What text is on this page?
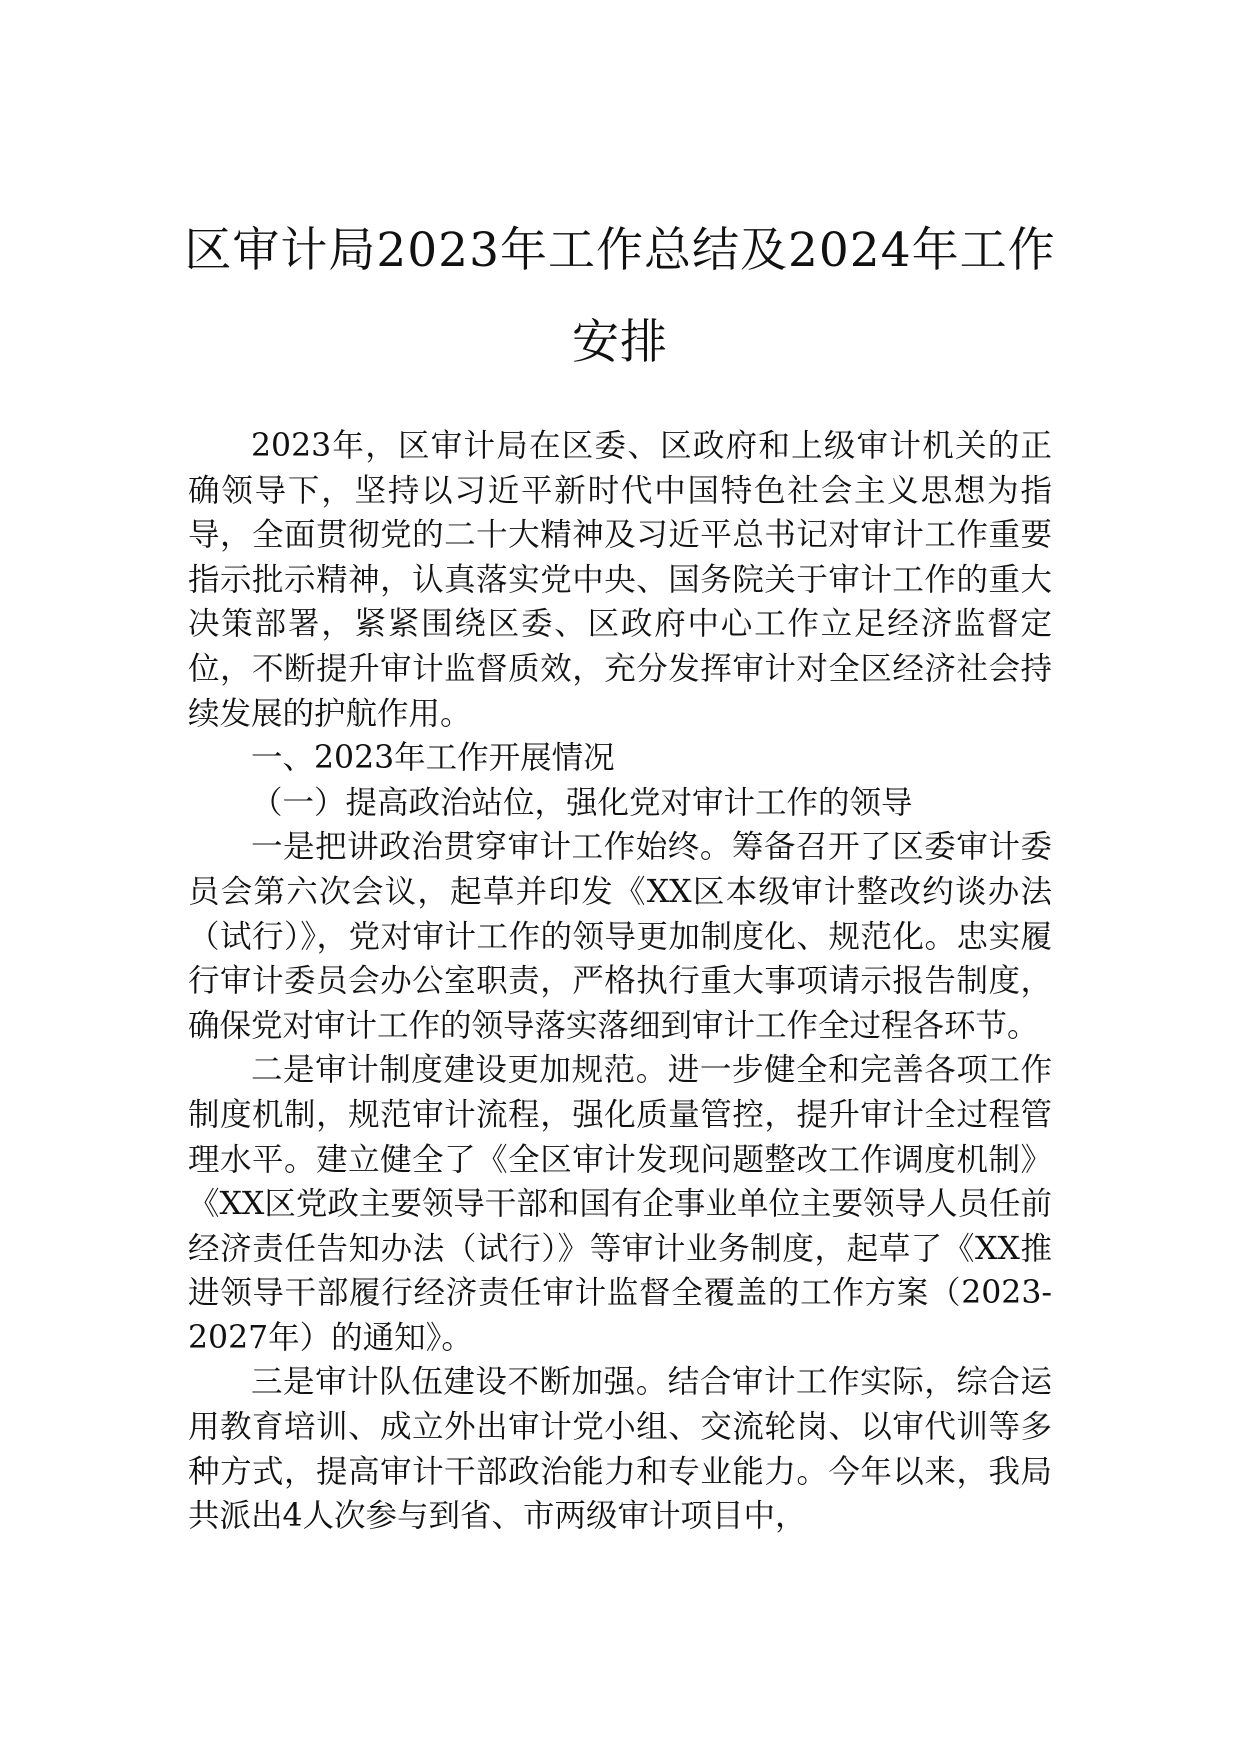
区审计局2023年工作总结及2024年工作安排

2023年，区审计局在区委、区政府和上级审计机关的正确领导下，坚持以习近平新时代中国特色社会主义思想为指导，全面贯彻党的二十大精神及习近平总书记对审计工作重要指示批示精神，认真落实党中央、国务院关于审计工作的重大决策部署，紧紧围绕区委、区政府中心工作立足经济监督定位，不断提升审计监督质效，充分发挥审计对全区经济社会持续发展的护航作用。

一、2023年工作开展情况

（一）提高政治站位，强化党对审计工作的领导

一是把讲政治贯穿审计工作始终。筹备召开了区委审计委员会第六次会议，起草并印发《XX区本级审计整改约谈办法（试行）》，党对审计工作的领导更加制度化、规范化。忠实履行审计委员会办公室职责，严格执行重大事项请示报告制度，确保党对审计工作的领导落实落细到审计工作全过程各环节。

二是审计制度建设更加规范。进一步健全和完善各项工作制度机制，规范审计流程，强化质量管控，提升审计全过程管理水平。建立健全了《全区审计发现问题整改工作调度机制》《XX区党政主要领导干部和国有企事业单位主要领导人员任前经济责任告知办法（试行）》等审计业务制度，起草了《XX推进领导干部履行经济责任审计监督全覆盖的工作方案（2023-2027年）的通知》。

三是审计队伍建设不断加强。结合审计工作实际，综合运用教育培训、成立外出审计党小组、交流轮岗、以审代训等多种方式，提高审计干部政治能力和专业能力。今年以来，我局共派出4人次参与到省、市两级审计项目中，
